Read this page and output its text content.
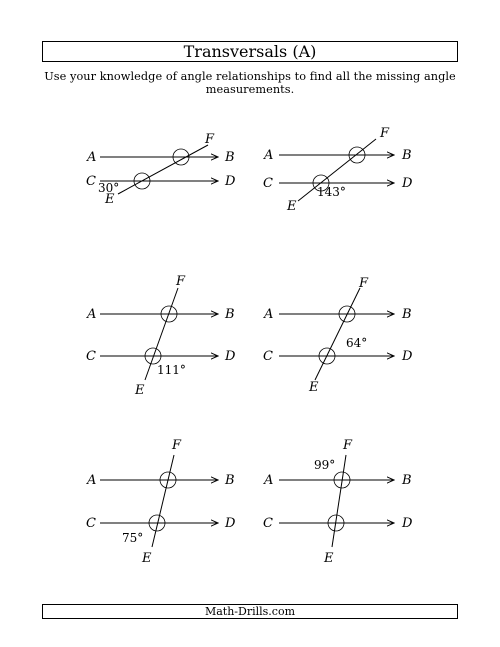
Transversals (A)
Use your knowledge of angle relationships to find all the missing angle measurements.
A	B
C	D
E
F
30°
A	B
C	D
E
F
143°
A	B
C	D
E
F
111°
A	B
C	D
E
F
64°
A	B
C	D
E
F
75°
A	B
C	D
E
F
99°
Math-Drills.com
